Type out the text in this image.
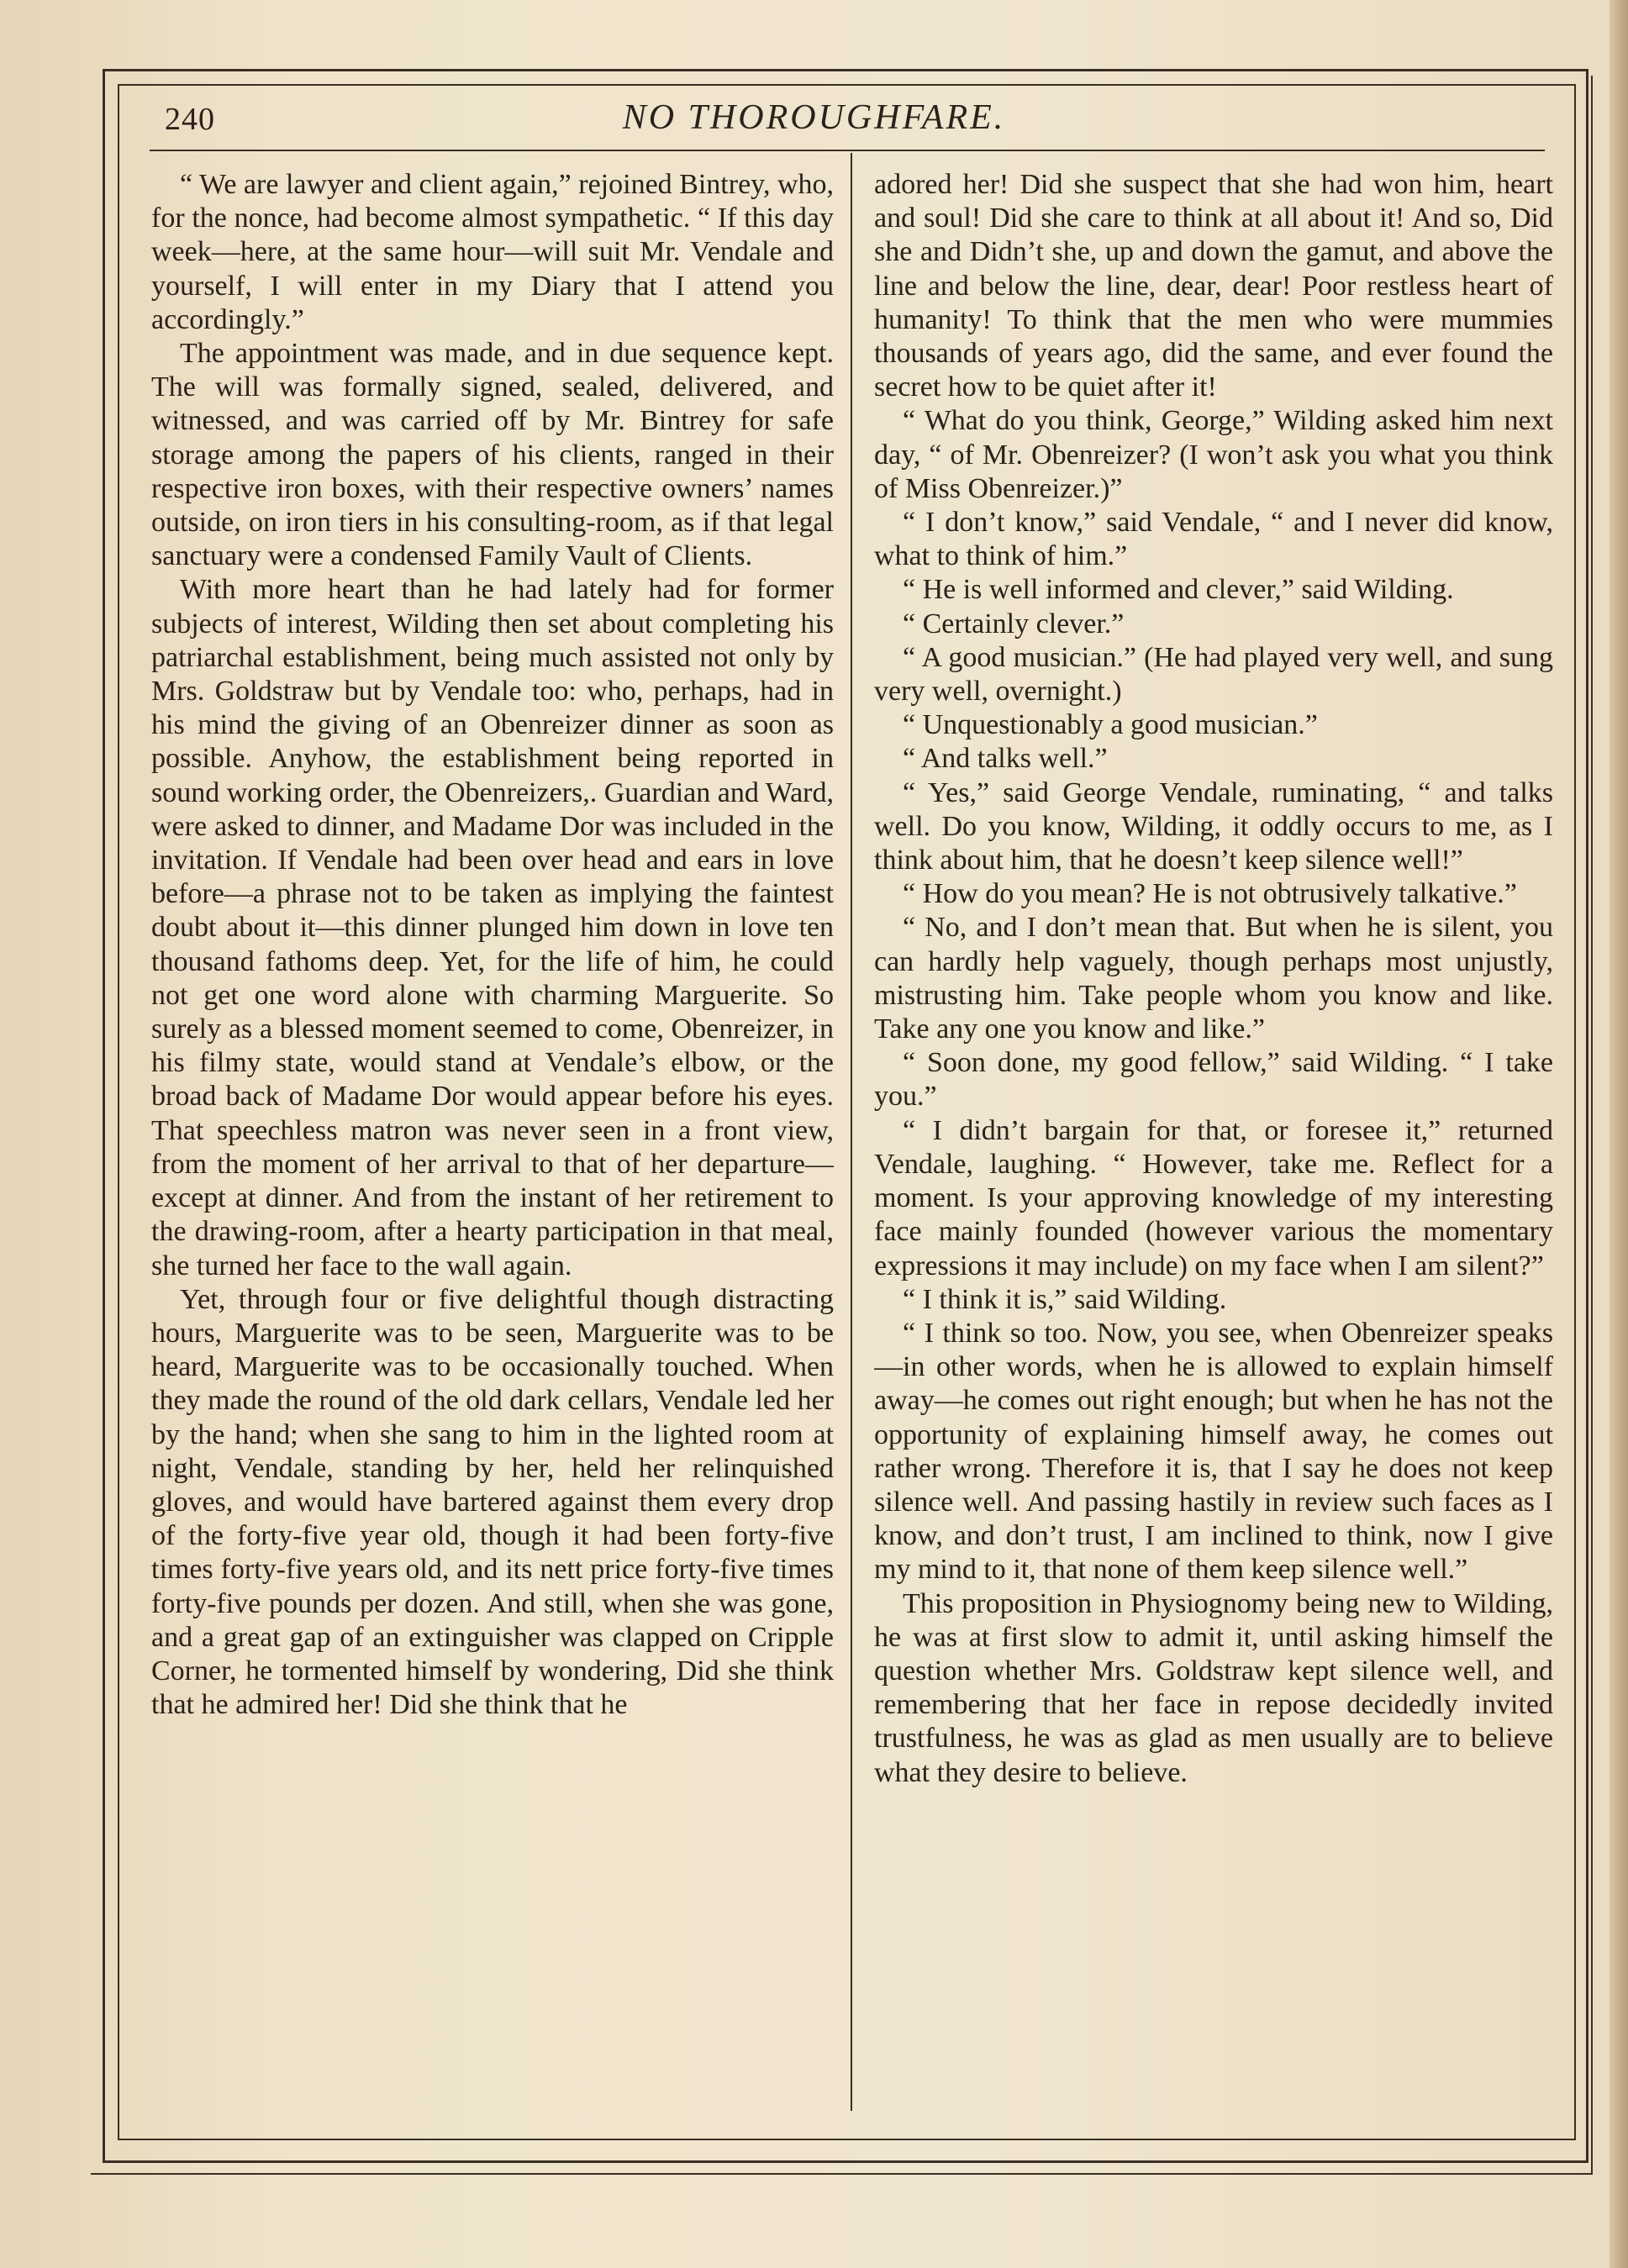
240	NO THOROUGHFARE.

“ We are lawyer and client again,” rejoined Bintrey, who, for the nonce, had become almost sympathetic. “ If this day week—here, at the same hour—will suit Mr. Vendale and yourself, I will enter in my Diary that I attend you accordingly.”

The appointment was made, and in due sequence kept. The will was formally signed, sealed, delivered, and witnessed, and was carried off by Mr. Bintrey for safe storage among the papers of his clients, ranged in their respective iron boxes, with their respective owners’ names outside, on iron tiers in his consulting-room, as if that legal sanctuary were a condensed Family Vault of Clients.

With more heart than he had lately had for former subjects of interest, Wilding then set about completing his patriarchal establishment, being much assisted not only by Mrs. Goldstraw but by Vendale too: who, perhaps, had in his mind the giving of an Obenreizer dinner as soon as possible. Anyhow, the establishment being reported in sound working order, the Obenreizers,. Guardian and Ward, were asked to dinner, and Madame Dor was included in the invitation. If Vendale had been over head and ears in love before—a phrase not to be taken as implying the faintest doubt about it—this dinner plunged him down in love ten thousand fathoms deep. Yet, for the life of him, he could not get one word alone with charming Marguerite. So surely as a blessed moment seemed to come, Obenreizer, in his filmy state, would stand at Vendale’s elbow, or the broad back of Madame Dor would appear before his eyes. That speechless matron was never seen in a front view, from the moment of her arrival to that of her departure—except at dinner. And from the instant of her retirement to the drawing-room, after a hearty participation in that meal, she turned her face to the wall again.

Yet, through four or five delightful though distracting hours, Marguerite was to be seen, Marguerite was to be heard, Marguerite was to be occasionally touched. When they made the round of the old dark cellars, Vendale led her by the hand; when she sang to him in the lighted room at night, Vendale, standing by her, held her relinquished gloves, and would have bartered against them every drop of the forty-five year old, though it had been forty-five times forty-five years old, and its nett price forty-five times forty-five pounds per dozen. And still, when she was gone, and a great gap of an extinguisher was clapped on Cripple Corner, he tormented himself by wondering, Did she think that he admired her! Did she think that he

adored her! Did she suspect that she had won him, heart and soul! Did she care to think at all about it! And so, Did she and Didn’t she, up and down the gamut, and above the line and below the line, dear, dear! Poor restless heart of humanity! To think that the men who were mummies thousands of years ago, did the same, and ever found the secret how to be quiet after it!

“ What do you think, George,” Wilding asked him next day, “ of Mr. Obenreizer? (I won’t ask you what you think of Miss Obenreizer.)”

“ I don’t know,” said Vendale, “ and I never did know, what to think of him.”

“ He is well informed and clever,” said Wilding.

“ Certainly clever.”

“ A good musician.” (He had played very well, and sung very well, overnight.)

“ Unquestionably a good musician.”

“ And talks well.”

“ Yes,” said George Vendale, ruminating, “ and talks well. Do you know, Wilding, it oddly occurs to me, as I think about him, that he doesn’t keep silence well!”

“ How do you mean? He is not obtrusively talkative.”

“ No, and I don’t mean that. But when he is silent, you can hardly help vaguely, though perhaps most unjustly, mistrusting him. Take people whom you know and like. Take any one you know and like.”

“ Soon done, my good fellow,” said Wilding. “ I take you.”

“ I didn’t bargain for that, or foresee it,” returned Vendale, laughing. “ However, take me. Reflect for a moment. Is your approving knowledge of my interesting face mainly founded (however various the momentary expressions it may include) on my face when I am silent?”

“ I think it is,” said Wilding.

“ I think so too. Now, you see, when Obenreizer speaks—in other words, when he is allowed to explain himself away—he comes out right enough; but when he has not the opportunity of explaining himself away, he comes out rather wrong. Therefore it is, that I say he does not keep silence well. And passing hastily in review such faces as I know, and don’t trust, I am inclined to think, now I give my mind to it, that none of them keep silence well.”

This proposition in Physiognomy being new to Wilding, he was at first slow to admit it, until asking himself the question whether Mrs. Goldstraw kept silence well, and remembering that her face in repose decidedly invited trustfulness, he was as glad as men usually are to believe what they desire to believe.
